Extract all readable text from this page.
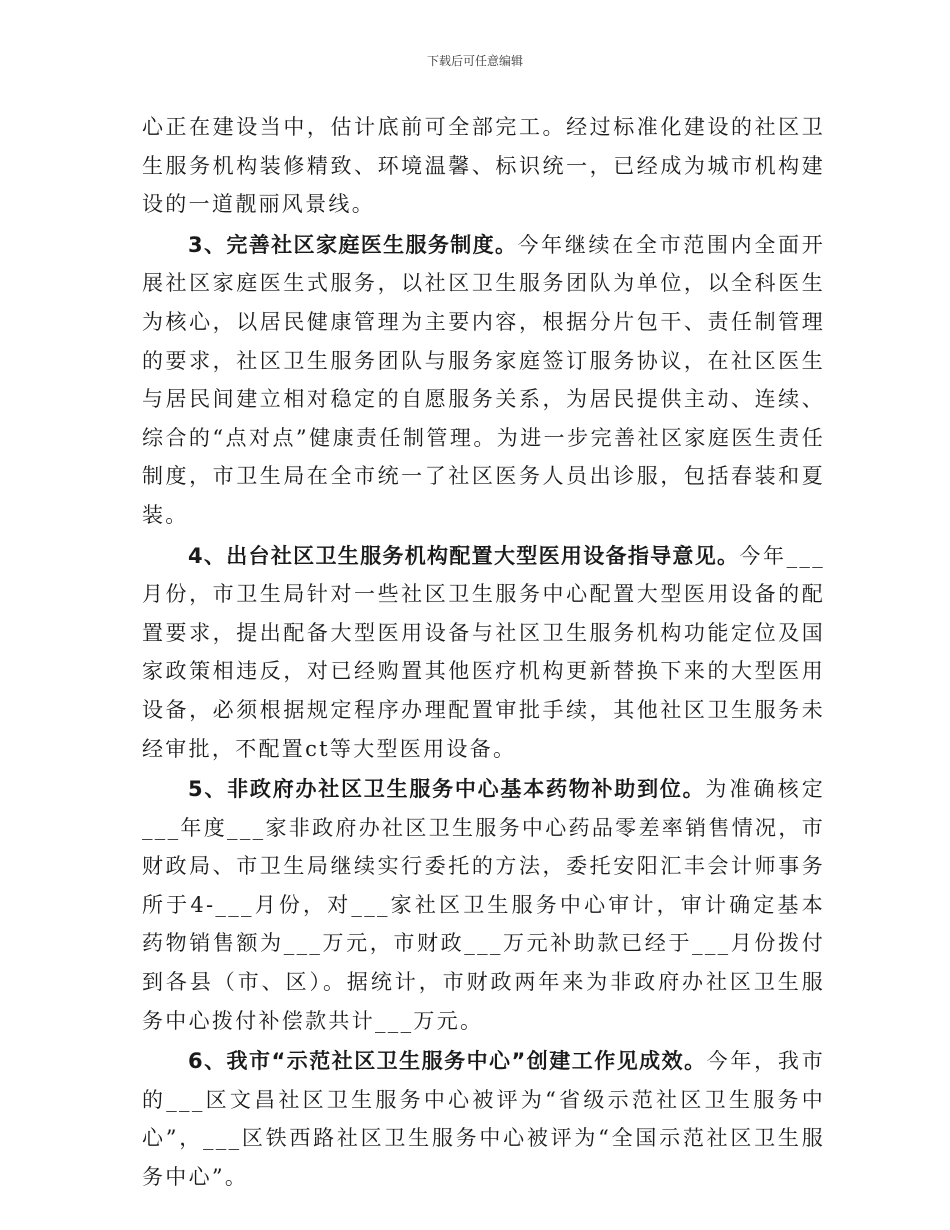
下载后可任意编辑

心正在建设当中，估计底前可全部完工。经过标准化建设的社区卫生服务机构装修精致、环境温馨、标识统一，已经成为城市机构建设的一道靓丽风景线。

3、完善社区家庭医生服务制度。今年继续在全市范围内全面开展社区家庭医生式服务，以社区卫生服务团队为单位，以全科医生为核心，以居民健康管理为主要内容，根据分片包干、责任制管理的要求，社区卫生服务团队与服务家庭签订服务协议，在社区医生与居民间建立相对稳定的自愿服务关系，为居民提供主动、连续、综合的“点对点”健康责任制管理。为进一步完善社区家庭医生责任制度，市卫生局在全市统一了社区医务人员出诊服，包括春装和夏装。

4、出台社区卫生服务机构配置大型医用设备指导意见。今年___月份，市卫生局针对一些社区卫生服务中心配置大型医用设备的配置要求，提出配备大型医用设备与社区卫生服务机构功能定位及国家政策相违反，对已经购置其他医疗机构更新替换下来的大型医用设备，必须根据规定程序办理配置审批手续，其他社区卫生服务未经审批，不配置ct等大型医用设备。

5、非政府办社区卫生服务中心基本药物补助到位。为准确核定___年度___家非政府办社区卫生服务中心药品零差率销售情况，市财政局、市卫生局继续实行委托的方法，委托安阳汇丰会计师事务所于4-___月份，对___家社区卫生服务中心审计，审计确定基本药物销售额为___万元，市财政___万元补助款已经于___月份拨付到各县（市、区）。据统计，市财政两年来为非政府办社区卫生服务中心拨付补偿款共计___万元。

6、我市“示范社区卫生服务中心”创建工作见成效。今年，我市的___区文昌社区卫生服务中心被评为“省级示范社区卫生服务中心”，___区铁西路社区卫生服务中心被评为“全国示范社区卫生服务中心”。
